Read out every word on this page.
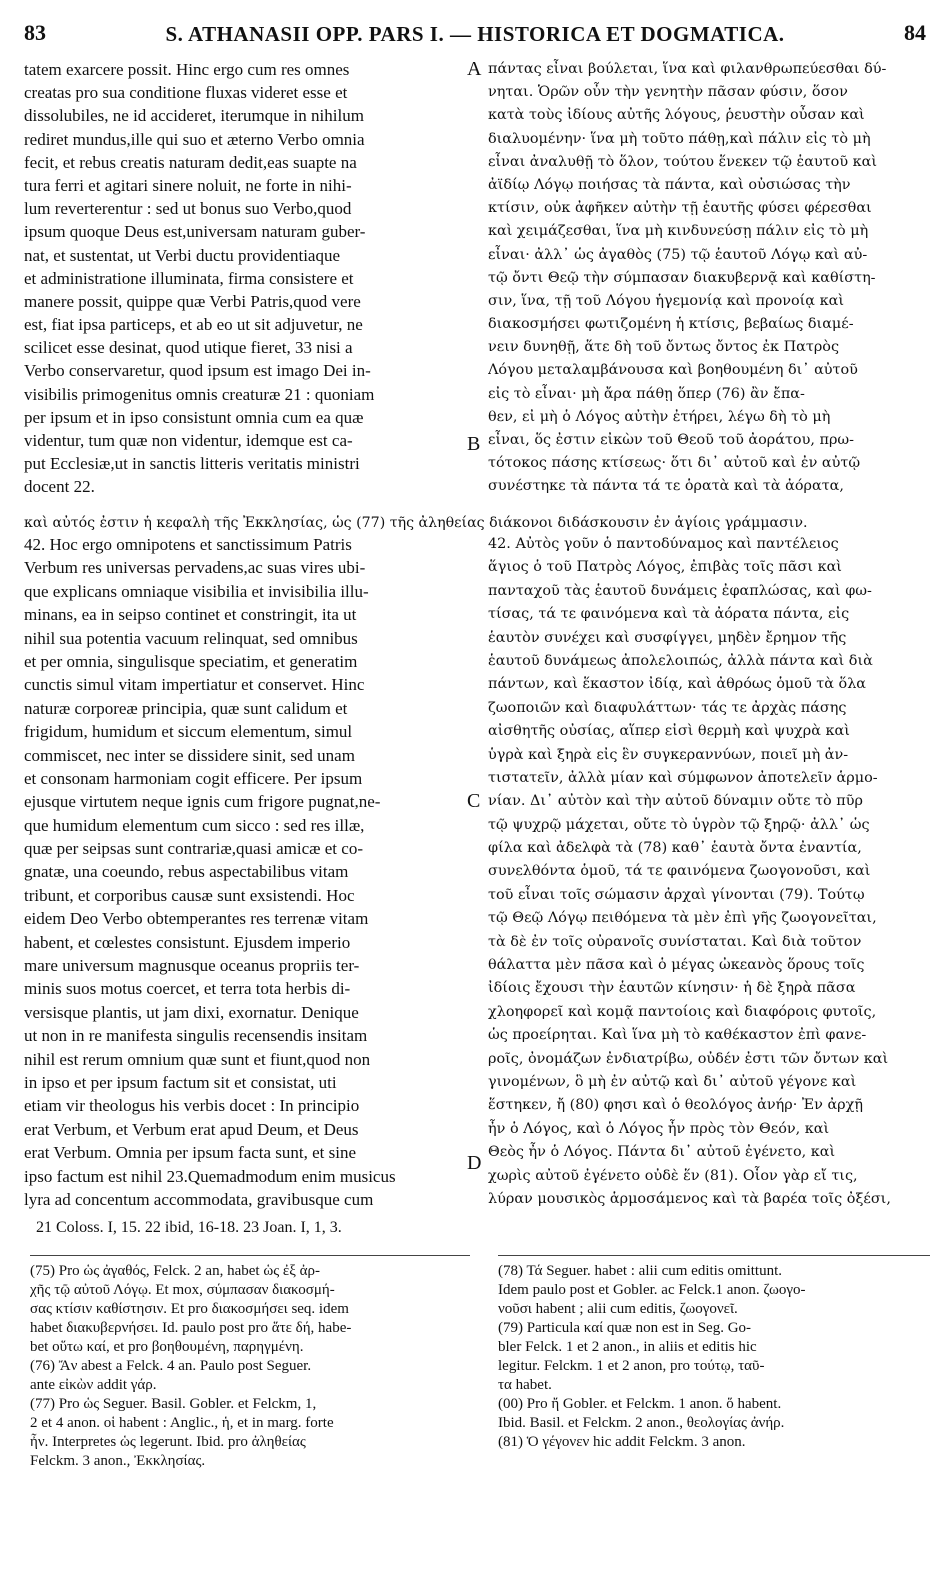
83	S. ATHANASII OPP. PARS I. — HISTORICA ET DOGMATICA.	84
tatem exarcere possit. Hinc ergo cum res omnes
creatas pro sua conditione fluxas videret esse et
dissolubiles, ne id accideret, iterumque in nihilum
rediret mundus,ille qui suo et æterno Verbo omnia
fecit, et rebus creatis naturam dedit,eas suapte na
tura ferri et agitari sinere noluit, ne forte in nihi-
lum reverterentur : sed ut bonus suo Verbo,quod
ipsum quoque Deus est,universam naturam guber-
nat, et sustentat, ut Verbi ductu providentiaque
et administratione illuminata, firma consistere et
manere possit, quippe quæ Verbi Patris,quod vere
est, fiat ipsa particeps, et ab eo ut sit adjuvetur, ne
scilicet esse desinat, quod utique fieret, 33 nisi a
Verbo conservaretur, quod ipsum est imago Dei in-
visibilis primogenitus omnis creaturæ 21 : quoniam
per ipsum et in ipso consistunt omnia cum ea quæ
videntur, tum quæ non videntur, idemque est ca-
put Ecclesiæ,ut in sanctis litteris veritatis ministri
docent 22.
πάντας εἶναι βούλεται, ἵνα καὶ φιλανθρωπεύεσθαι δύ-
νηται. Ὁρῶν οὖν τὴν γενητὴν πᾶσαν φύσιν, ὅσον
κατὰ τοὺς ἰδίους αὐτῆς λόγους, ῥευστὴν οὖσαν καὶ
διαλυομένην· ἵνα μὴ τοῦτο πάθῃ,καὶ πάλιν εἰς τὸ μὴ
εἶναι ἀναλυθῇ τὸ ὅλον, τούτου ἕνεκεν τῷ ἑαυτοῦ καὶ
ἀϊδίῳ Λόγῳ ποιήσας τὰ πάντα, καὶ οὐσιώσας τὴν
κτίσιν, οὐκ ἀφῆκεν αὐτὴν τῇ ἑαυτῆς φύσει φέρεσθαι
καὶ χειμάζεσθαι, ἵνα μὴ κινδυνεύσῃ πάλιν εἰς τὸ μὴ
εἶναι· ἀλλ᾽ ὡς ἀγαθὸς (75) τῷ ἑαυτοῦ Λόγῳ καὶ αὐ-
τῷ ὄντι Θεῷ τὴν σύμπασαν διακυβερνᾷ καὶ καθίστη-
σιν, ἵνα, τῇ τοῦ Λόγου ἡγεμονίᾳ καὶ προνοίᾳ καὶ
διακοσμήσει φωτιζομένη ἡ κτίσις, βεβαίως διαμέ-
νειν δυνηθῇ, ἅτε δὴ τοῦ ὄντως ὄντος ἐκ Πατρὸς
Λόγου μεταλαμβάνουσα καὶ βοηθουμένη δι᾽ αὐτοῦ
εἰς τὸ εἶναι· μὴ ἄρα πάθῃ ὅπερ (76) ἂν ἔπα-
θεν, εἰ μὴ ὁ Λόγος αὐτὴν ἐτήρει, λέγω δὴ τὸ μὴ
εἶναι, ὅς ἐστιν εἰκὼν τοῦ Θεοῦ τοῦ ἀοράτου, πρω-
τότοκος πάσης κτίσεως· ὅτι δι᾽ αὐτοῦ καὶ ἐν αὐτῷ
συνέστηκε τὰ πάντα τά τε ὁρατὰ καὶ τὰ ἀόρατα,
καὶ αὐτός ἐστιν ἡ κεφαλὴ τῆς Ἐκκλησίας, ὡς (77) τῆς ἀληθείας διάκονοι διδάσκουσιν ἐν ἁγίοις γράμμασιν.
42. Hoc ergo omnipotens et sanctissimum Patris
Verbum res universas pervadens,ac suas vires ubi-
que explicans omniaque visibilia et invisibilia illu-
minans, ea in seipso continet et constringit, ita ut
nihil sua potentia vacuum relinquat, sed omnibus
et per omnia, singulisque speciatim, et generatim
cunctis simul vitam impertiatur et conservet. Hinc
naturæ corporeæ principia, quæ sunt calidum et
frigidum, humidum et siccum elementum, simul
commiscet, nec inter se dissidere sinit, sed unam
et consonam harmoniam cogit efficere. Per ipsum
ejusque virtutem neque ignis cum frigore pugnat,ne-
que humidum elementum cum sicco : sed res illæ,
quæ per seipsas sunt contrariæ,quasi amicæ et co-
gnatæ, una coeundo, rebus aspectabilibus vitam
tribunt, et corporibus causæ sunt exsistendi. Hoc
eidem Deo Verbo obtemperantes res terrenæ vitam
habent, et cœlestes consistunt. Ejusdem imperio
mare universum magnusque oceanus propriis ter-
minis suos motus coercet, et terra tota herbis di-
versisque plantis, ut jam dixi, exornatur. Denique
ut non in re manifesta singulis recensendis insitam
nihil est rerum omnium quæ sunt et fiunt,quod non
in ipso et per ipsum factum sit et consistat, uti
etiam vir theologus his verbis docet : In principio
erat Verbum, et Verbum erat apud Deum, et Deus
erat Verbum. Omnia per ipsum facta sunt, et sine
ipso factum est nihil 23.Quemadmodum enim musicus
lyra ad concentum accommodata, gravibusque cum
42. Αὐτὸς γοῦν ὁ παντοδύναμος καὶ παντέλειος
ἅγιος ὁ τοῦ Πατρὸς Λόγος, ἐπιβὰς τοῖς πᾶσι καὶ
πανταχοῦ τὰς ἑαυτοῦ δυνάμεις ἐφαπλώσας, καὶ φω-
τίσας, τά τε φαινόμενα καὶ τὰ ἀόρατα πάντα, εἰς
ἑαυτὸν συνέχει καὶ συσφίγγει, μηδὲν ἔρημον τῆς
ἑαυτοῦ δυνάμεως ἀπολελοιπώς, ἀλλὰ πάντα καὶ διὰ
πάντων, καὶ ἕκαστον ἰδίᾳ, καὶ ἀθρόως ὁμοῦ τὰ ὅλα
ζωοποιῶν καὶ διαφυλάττων· τάς τε ἀρχὰς πάσης
αἰσθητῆς οὐσίας, αἵπερ εἰσὶ θερμὴ καὶ ψυχρὰ καὶ
ὑγρὰ καὶ ξηρὰ εἰς ἓν συγκεραννύων, ποιεῖ μὴ ἀν-
τιστατεῖν, ἀλλὰ μίαν καὶ σύμφωνον ἀποτελεῖν ἁρμο-
νίαν. Δι᾽ αὐτὸν καὶ τὴν αὐτοῦ δύναμιν οὔτε τὸ πῦρ
τῷ ψυχρῷ μάχεται, οὔτε τὸ ὑγρὸν τῷ ξηρῷ· ἀλλ᾽ ὡς
φίλα καὶ ἀδελφὰ τὰ (78) καθ᾽ ἑαυτὰ ὄντα ἐναντία,
συνελθόντα ὁμοῦ, τά τε φαινόμενα ζωογονοῦσι, καὶ
τοῦ εἶναι τοῖς σώμασιν ἀρχαὶ γίνονται (79). Τούτῳ
τῷ Θεῷ Λόγῳ πειθόμενα τὰ μὲν ἐπὶ γῆς ζωογονεῖται,
τὰ δὲ ἐν τοῖς οὐρανοῖς συνίσταται. Καὶ διὰ τοῦτον
θάλαττα μὲν πᾶσα καὶ ὁ μέγας ὠκεανὸς ὅρους τοῖς
ἰδίοις ἔχουσι τὴν ἑαυτῶν κίνησιν· ἡ δὲ ξηρὰ πᾶσα
χλοηφορεῖ καὶ κομᾷ παντοίοις καὶ διαφόροις φυτοῖς,
ὡς προείρηται. Καὶ ἵνα μὴ τὸ καθέκαστον ἐπὶ φανε-
ροῖς, ὀνομάζων ἐνδιατρίβω, οὐδέν ἐστι τῶν ὄντων καὶ
γινομένων, ὃ μὴ ἐν αὐτῷ καὶ δι᾽ αὐτοῦ γέγονε καὶ
ἕστηκεν, ἤ (80) φησι καὶ ὁ θεολόγος ἀνήρ· Ἐν ἀρχῇ
ἦν ὁ Λόγος, καὶ ὁ Λόγος ἦν πρὸς τὸν Θεόν, καὶ
Θεὸς ἦν ὁ Λόγος. Πάντα δι᾽ αὐτοῦ ἐγένετο, καὶ
χωρὶς αὐτοῦ ἐγένετο οὐδὲ ἕν (81). Οἷον γὰρ εἴ τις,
λύραν μουσικὸς ἁρμοσάμενος καὶ τὰ βαρέα τοῖς ὀξέσι,
A
B
C
D
21 Coloss. I, 15. 22 ibid, 16-18. 23 Joan. I, 1, 3.
(75) Pro ὡς ἀγαθός, Felck. 2 an, habet ὡς ἐξ ἀρ-
χῆς τῷ αὐτοῦ Λόγῳ. Et mox, σύμπασαν διακοσμή-
σας κτίσιν καθίστησιν. Et pro διακοσμήσει seq. idem
habet διακυβερνήσει. Id. paulo post pro ἅτε δή, habe-
bet οὕτω καί, et pro βοηθουμένη, παρηγμένη.
(76) Ἄν abest a Felck. 4 an. Paulo post Seguer.
ante εἰκὼν addit γάρ.
(77) Pro ὡς Seguer. Basil. Gobler. et Felckm, 1,
2 et 4 anon. οἱ habent : Anglic., ἡ, et in marg. forte
ἦν. Interpretes ὡς legerunt. Ibid. pro ἀληθείας
Felckm. 3 anon., Ἐκκλησίας.
(78) Τά Seguer. habet : alii cum editis omittunt.
Idem paulo post et Gobler. ac Felck.1 anon. ζωογο-
νοῦσι habent ; alii cum editis, ζωογονεῖ.
(79) Particula καί quæ non est in Seg. Go-
bler Felck. 1 et 2 anon., in aliis et editis hic
legitur. Felckm. 1 et 2 anon, pro τούτῳ, ταῦ-
τα habet.
(00) Pro ἤ Gobler. et Felckm. 1 anon. ὅ habent.
Ibid. Basil. et Felckm. 2 anon., θεολογίας ἀνήρ.
(81) Ὁ γέγονεν hic addit Felckm. 3 anon.
